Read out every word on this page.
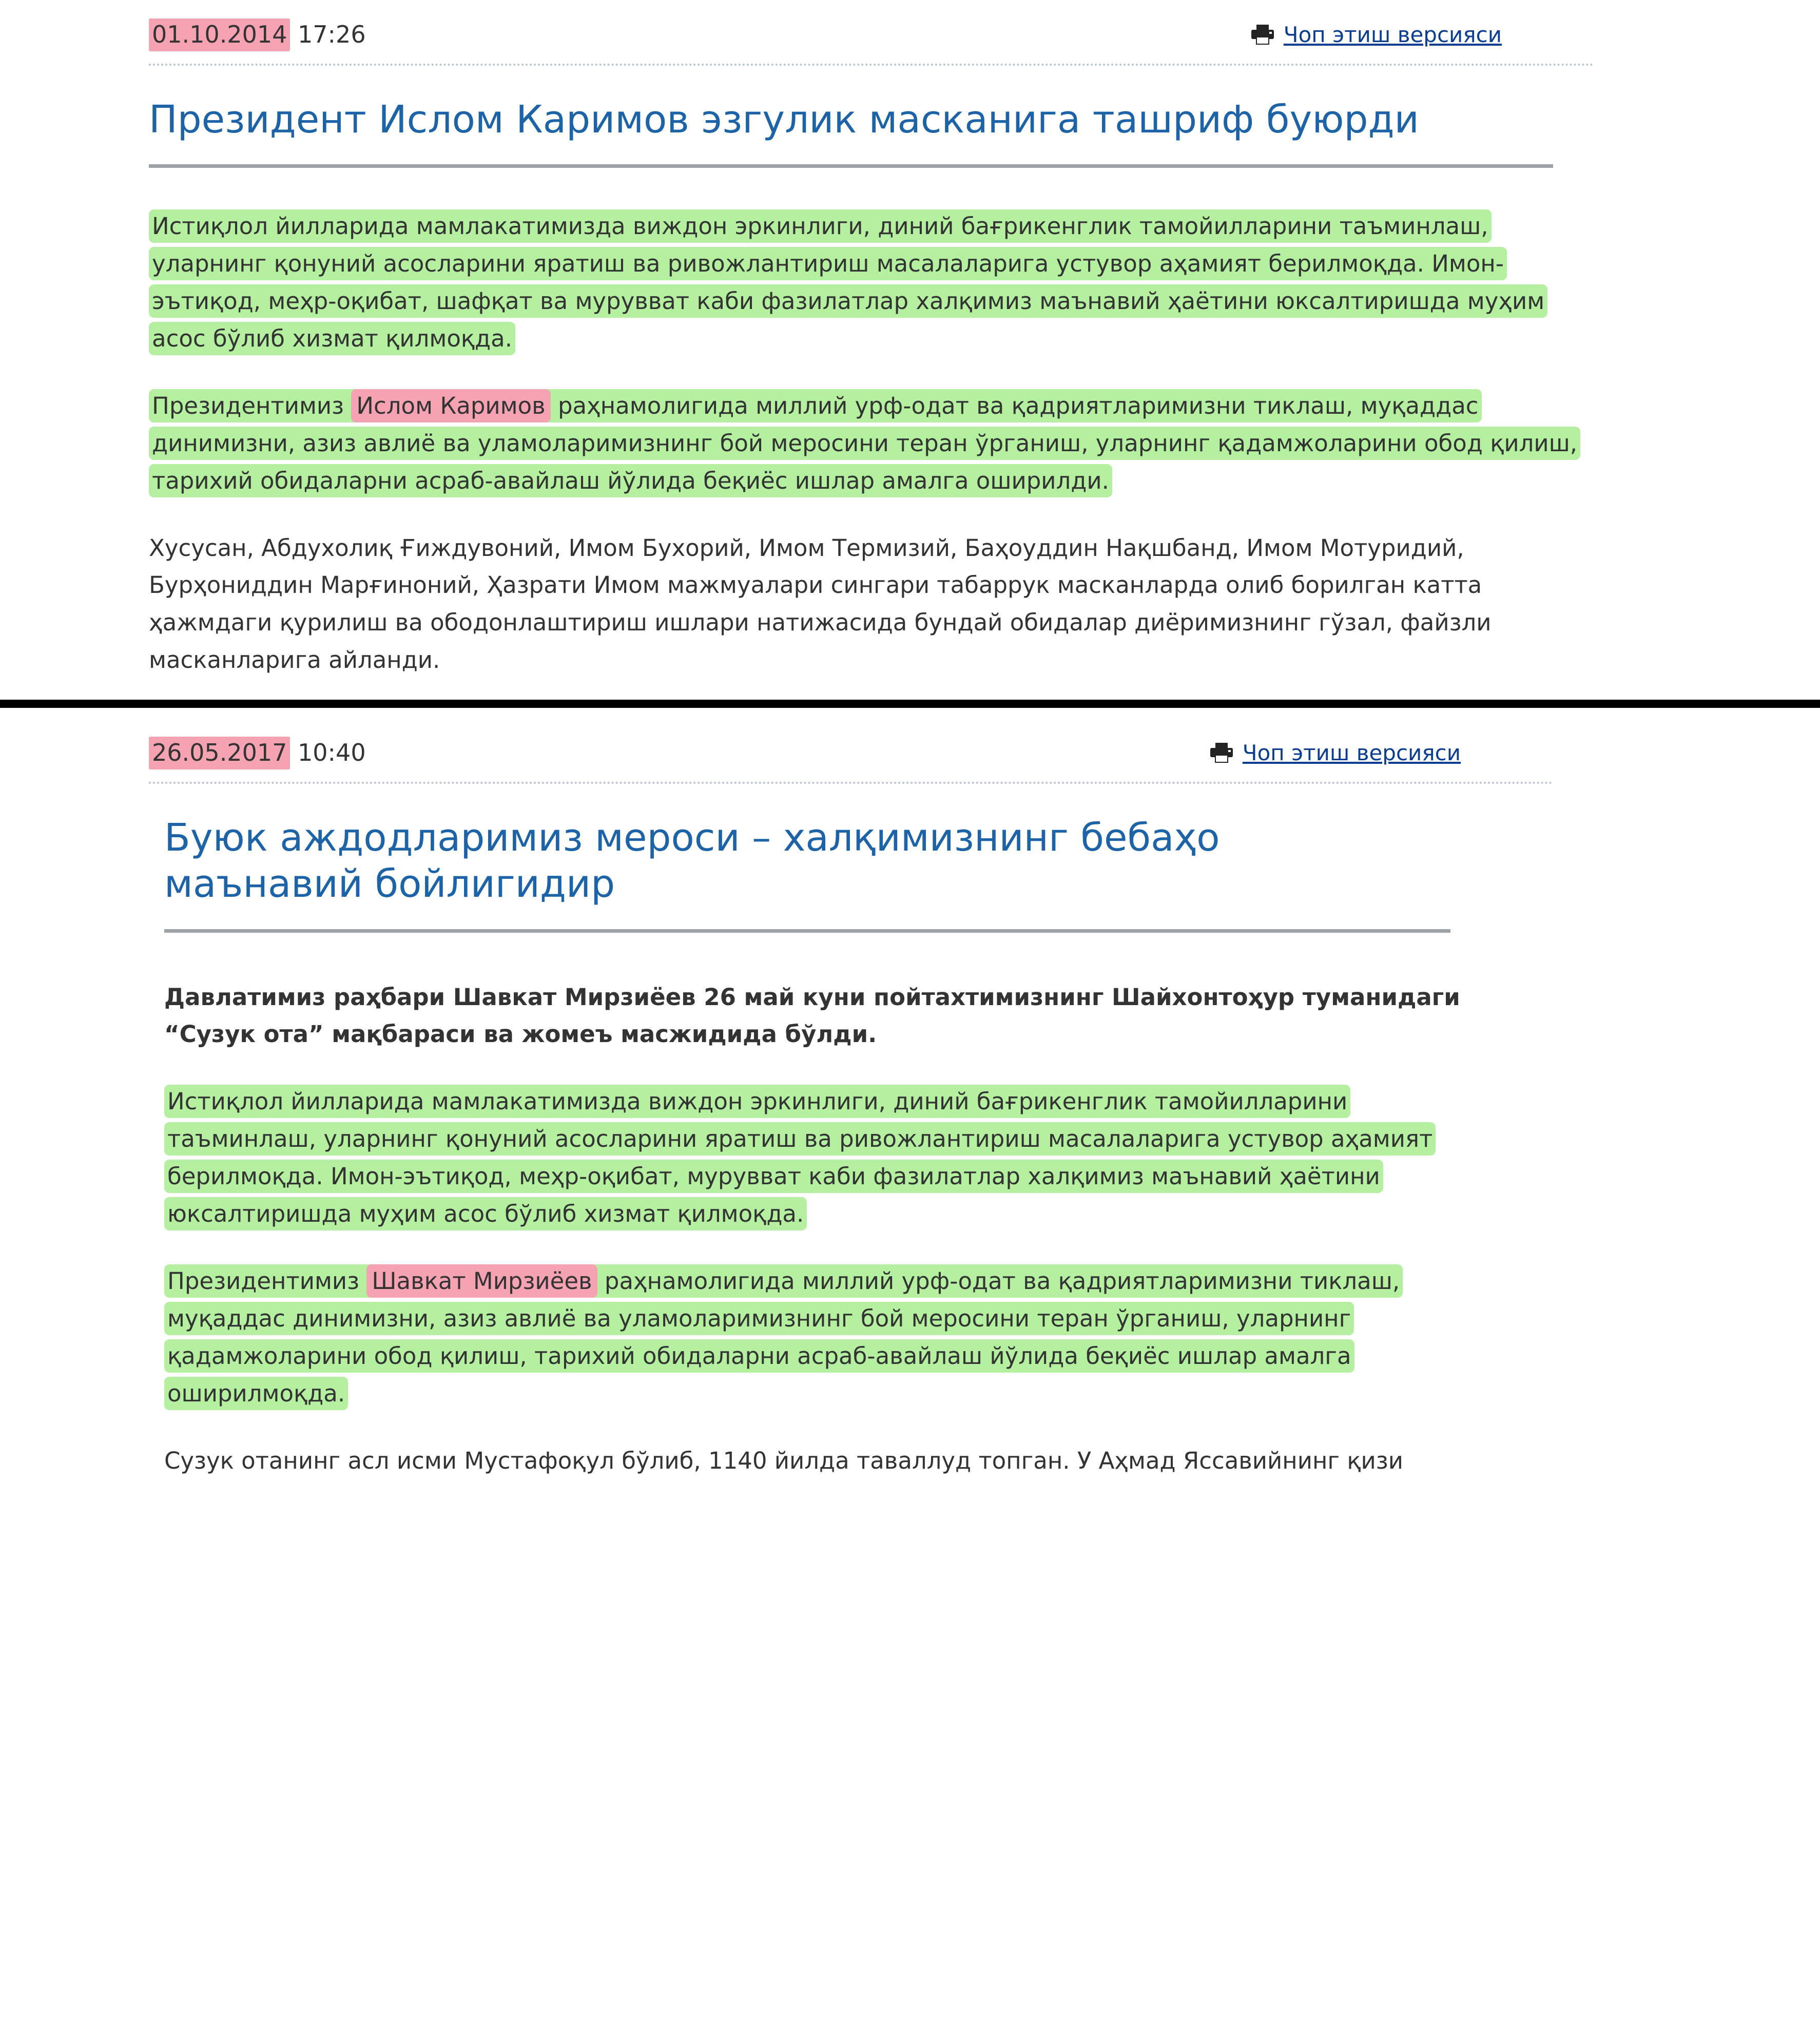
01.10.2014 17:26	Чоп этиш версияси
Президент Ислом Каримов эзгулик масканига ташриф буюрди

Истиқлол йилларида мамлакатимизда виждон эркинлиги, диний бағрикенглик тамойилларини таъминлаш, уларнинг қонуний асосларини яратиш ва ривожлантириш масалаларига устувор аҳамият берилмоқда. Имон-эътиқод, меҳр-оқибат, шафқат ва мурувват каби фазилатлар халқимиз маънавий ҳаётини юксалтиришда муҳим асос бўлиб хизмат қилмоқда.

Президентимиз Ислом Каримов раҳнамолигида миллий урф-одат ва қадриятларимизни тиклаш, муқаддас динимизни, азиз авлиё ва уламоларимизнинг бой меросини теран ўрганиш, уларнинг қадамжоларини обод қилиш, тарихий обидаларни асраб-авайлаш йўлида беқиёс ишлар амалга оширилди.

Хусусан, Абдухолиқ Ғиждувоний, Имом Бухорий, Имом Термизий, Баҳоуддин Нақшбанд, Имом Мотуридий, Бурҳониддин Марғиноний, Ҳазрати Имом мажмуалари сингари табаррук масканларда олиб борилган катта ҳажмдаги қурилиш ва ободонлаштириш ишлари натижасида бундай обидалар диёримизнинг гўзал, файзли масканларига айланди.

26.05.2017 10:40	Чоп этиш версияси
Буюк аждодларимиз мероси – халқимизнинг бебаҳо маънавий бойлигидир

Давлатимиз раҳбари Шавкат Мирзиёев 26 май куни пойтахтимизнинг Шайхонтоҳур туманидаги “Сузук ота” мақбараси ва жомеъ масжидида бўлди.

Истиқлол йилларида мамлакатимизда виждон эркинлиги, диний бағрикенглик тамойилларини таъминлаш, уларнинг қонуний асосларини яратиш ва ривожлантириш масалаларига устувор аҳамият берилмоқда. Имон-эътиқод, меҳр-оқибат, мурувват каби фазилатлар халқимиз маънавий ҳаётини юксалтиришда муҳим асос бўлиб хизмат қилмоқда.

Президентимиз Шавкат Мирзиёев раҳнамолигида миллий урф-одат ва қадриятларимизни тиклаш, муқаддас динимизни, азиз авлиё ва уламоларимизнинг бой меросини теран ўрганиш, уларнинг қадамжоларини обод қилиш, тарихий обидаларни асраб-авайлаш йўлида беқиёс ишлар амалга оширилмоқда.

Сузук отанинг асл исми Мустафоқул бўлиб, 1140 йилда таваллуд топган. У Аҳмад Яссавийнинг қизи
